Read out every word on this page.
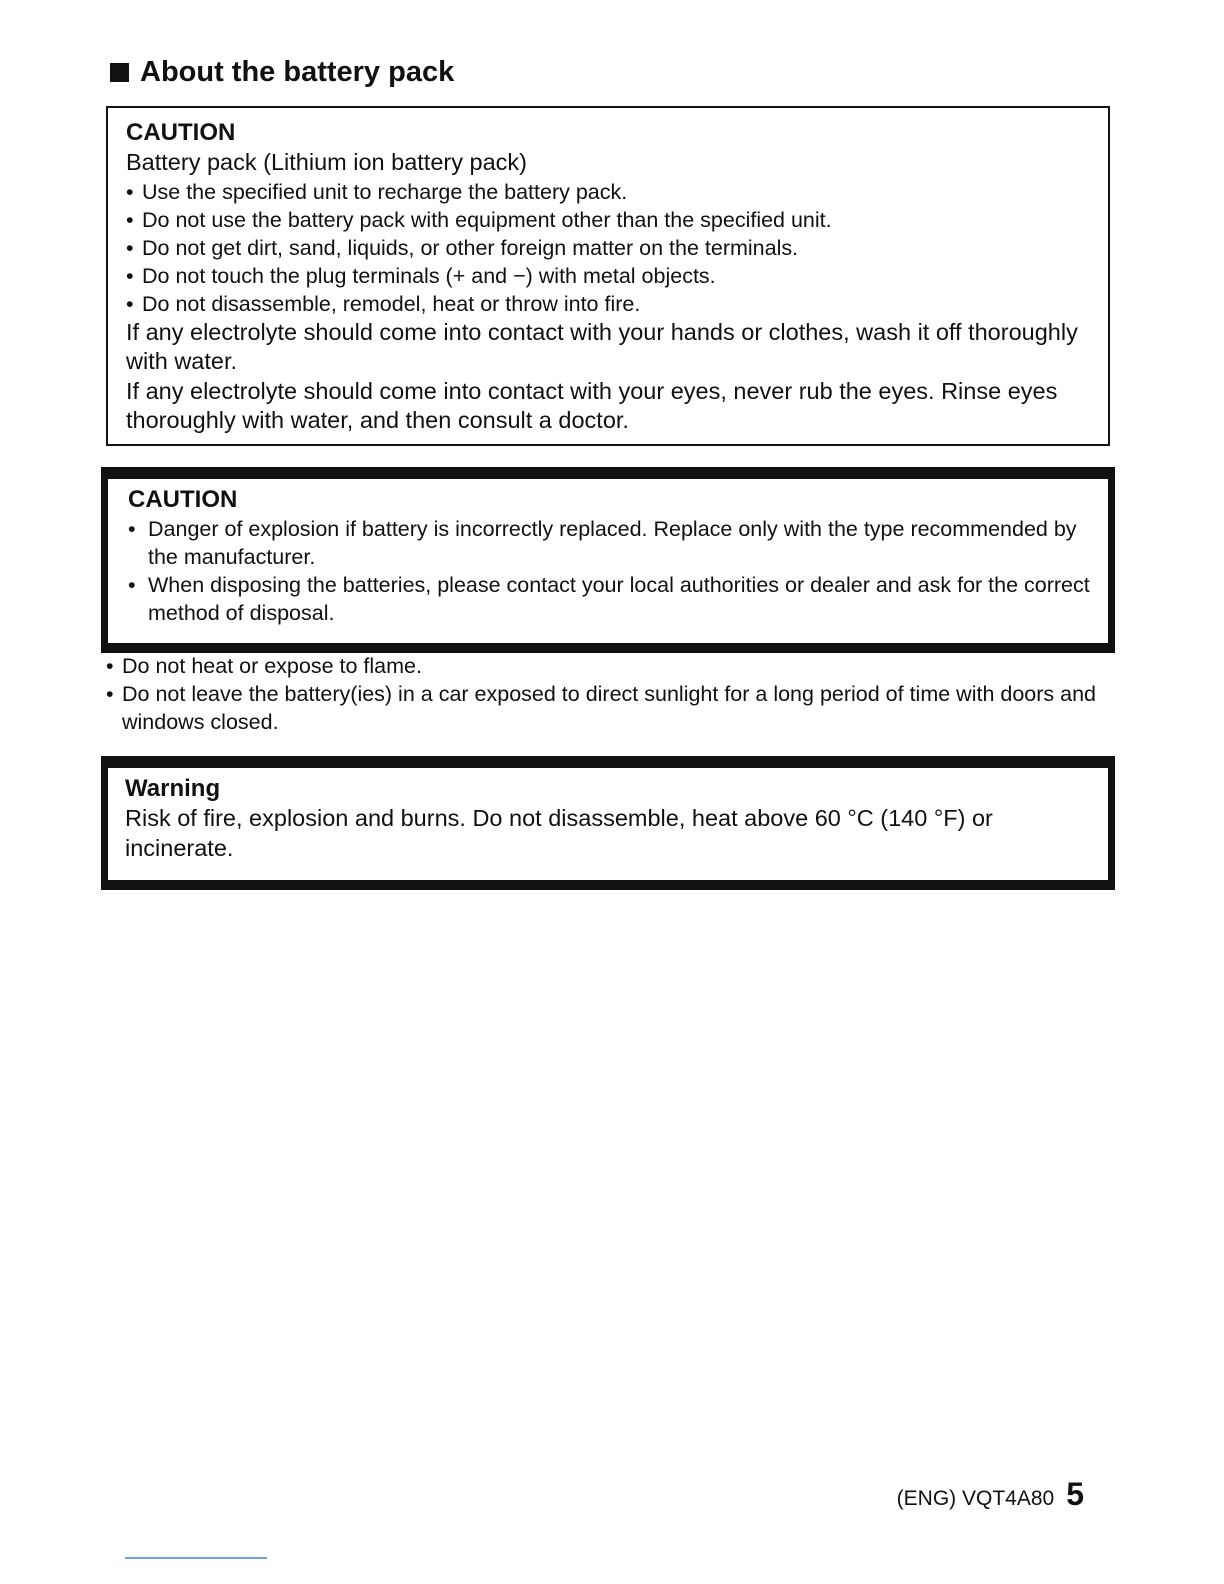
About the battery pack
CAUTION
Battery pack (Lithium ion battery pack)
• Use the specified unit to recharge the battery pack.
• Do not use the battery pack with equipment other than the specified unit.
• Do not get dirt, sand, liquids, or other foreign matter on the terminals.
• Do not touch the plug terminals (+ and −) with metal objects.
• Do not disassemble, remodel, heat or throw into fire.
If any electrolyte should come into contact with your hands or clothes, wash it off thoroughly with water.
If any electrolyte should come into contact with your eyes, never rub the eyes. Rinse eyes thoroughly with water, and then consult a doctor.
CAUTION
• Danger of explosion if battery is incorrectly replaced. Replace only with the type recommended by the manufacturer.
• When disposing the batteries, please contact your local authorities or dealer and ask for the correct method of disposal.
• Do not heat or expose to flame.
• Do not leave the battery(ies) in a car exposed to direct sunlight for a long period of time with doors and windows closed.
Warning
Risk of fire, explosion and burns. Do not disassemble, heat above 60 °C (140 °F) or incinerate.
(ENG) VQT4A80 5
